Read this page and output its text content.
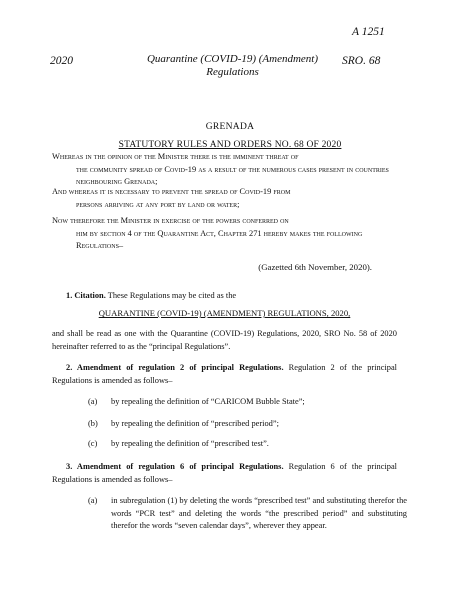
A 1251
2020	Quarantine (COVID-19) (Amendment)
Regulations
SRO. 68
GRENADA
STATUTORY RULES AND ORDERS NO. 68 OF 2020
Whereas in the opinion of the Minister there is the imminent threat of
the community spread of Covid-19 as a result of the numerous cases present in countries neighbouring Grenada;
And whereas it is necessary to prevent the spread of Covid-19 from
persons arriving at any port by land or water;
Now therefore the Minister in exercise of the powers conferred on
him by section 4 of the Quarantine Act, Chapter 271 hereby makes the following Regulations–
(Gazetted 6th November, 2020).
1. Citation. These Regulations may be cited as the
QUARANTINE (COVID-19) (AMENDMENT) REGULATIONS, 2020,
and shall be read as one with the Quarantine (COVID-19) Regulations, 2020, SRO No. 58 of 2020 hereinafter referred to as the “principal Regulations”.
2. Amendment of regulation 2 of principal Regulations. Regulation 2 of the principal Regulations is amended as follows–
(a) by repealing the definition of “CARICOM Bubble State”;
(b) by repealing the definition of “prescribed period”;
(c) by repealing the definition of “prescribed test”.
3. Amendment of regulation 6 of principal Regulations. Regulation 6 of the principal Regulations is amended as follows–
(a) in subregulation (1) by deleting the words “prescribed test” and substituting therefor the words “PCR test” and deleting the words “the prescribed period” and substituting therefor the words “seven calendar days”, wherever they appear.
